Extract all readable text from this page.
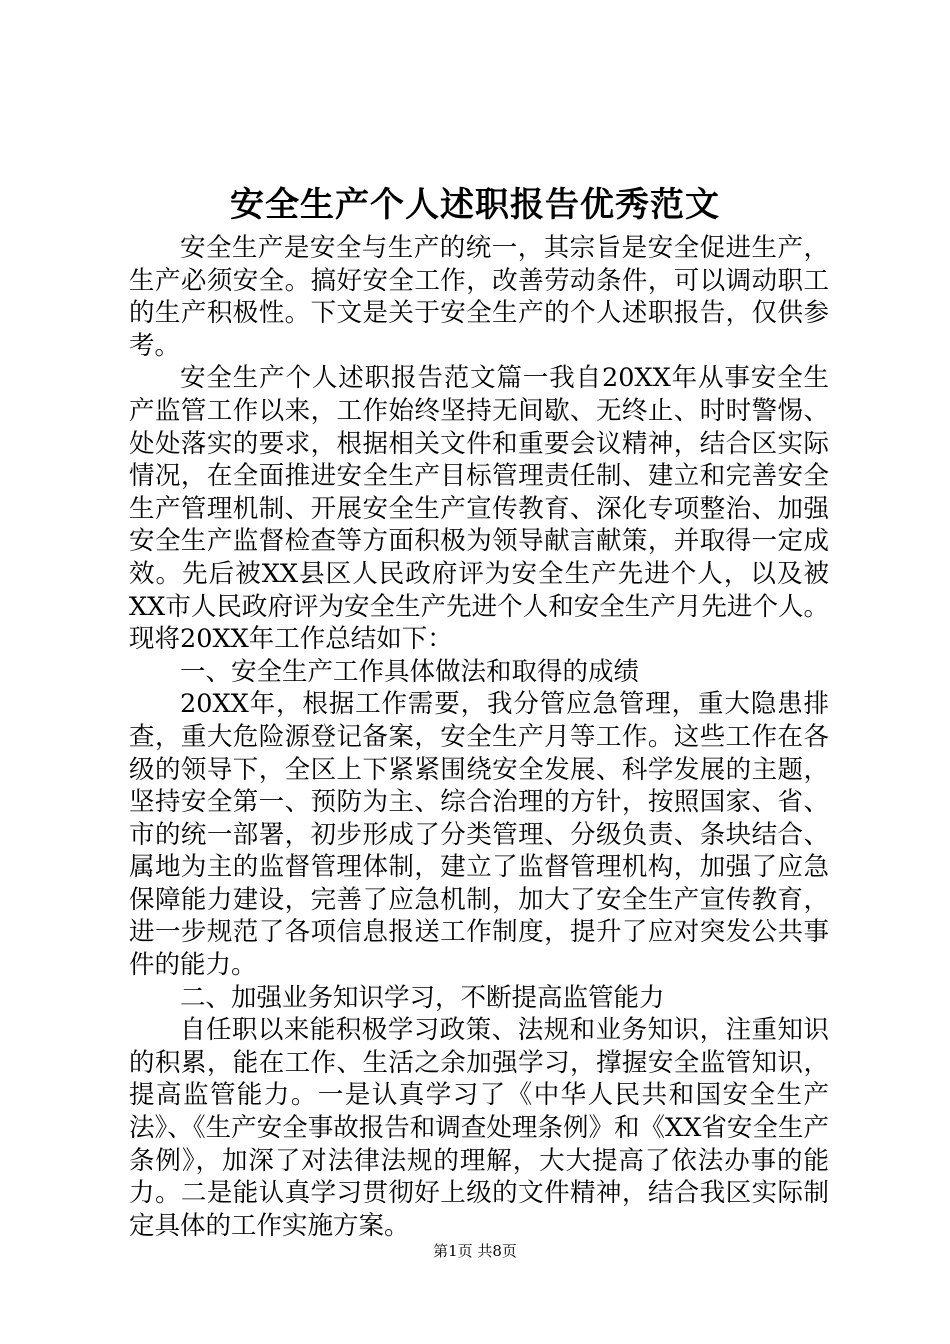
安全生产个人述职报告优秀范文

安全生产是安全与生产的统一，其宗旨是安全促进生产，生产必须安全。搞好安全工作，改善劳动条件，可以调动职工的生产积极性。下文是关于安全生产的个人述职报告，仅供参考。

安全生产个人述职报告范文篇一我自20XX年从事安全生产监管工作以来，工作始终坚持无间歇、无终止、时时警惕、处处落实的要求，根据相关文件和重要会议精神，结合区实际情况，在全面推进安全生产目标管理责任制、建立和完善安全生产管理机制、开展安全生产宣传教育、深化专项整治、加强安全生产监督检查等方面积极为领导献言献策，并取得一定成效。先后被XX县区人民政府评为安全生产先进个人，以及被XX市人民政府评为安全生产先进个人和安全生产月先进个人。现将20XX年工作总结如下：

一、安全生产工作具体做法和取得的成绩

20XX年，根据工作需要，我分管应急管理，重大隐患排查，重大危险源登记备案，安全生产月等工作。这些工作在各级的领导下，全区上下紧紧围绕安全发展、科学发展的主题，坚持安全第一、预防为主、综合治理的方针，按照国家、省、市的统一部署，初步形成了分类管理、分级负责、条块结合、属地为主的监督管理体制，建立了监督管理机构，加强了应急保障能力建设，完善了应急机制，加大了安全生产宣传教育，进一步规范了各项信息报送工作制度，提升了应对突发公共事件的能力。

二、加强业务知识学习，不断提高监管能力

自任职以来能积极学习政策、法规和业务知识，注重知识的积累，能在工作、生活之余加强学习，撑握安全监管知识，提高监管能力。一是认真学习了《中华人民共和国安全生产法》、《生产安全事故报告和调查处理条例》和《XX省安全生产条例》，加深了对法律法规的理解，大大提高了依法办事的能力。二是能认真学习贯彻好上级的文件精神，结合我区实际制定具体的工作实施方案。

第1页 共8页
